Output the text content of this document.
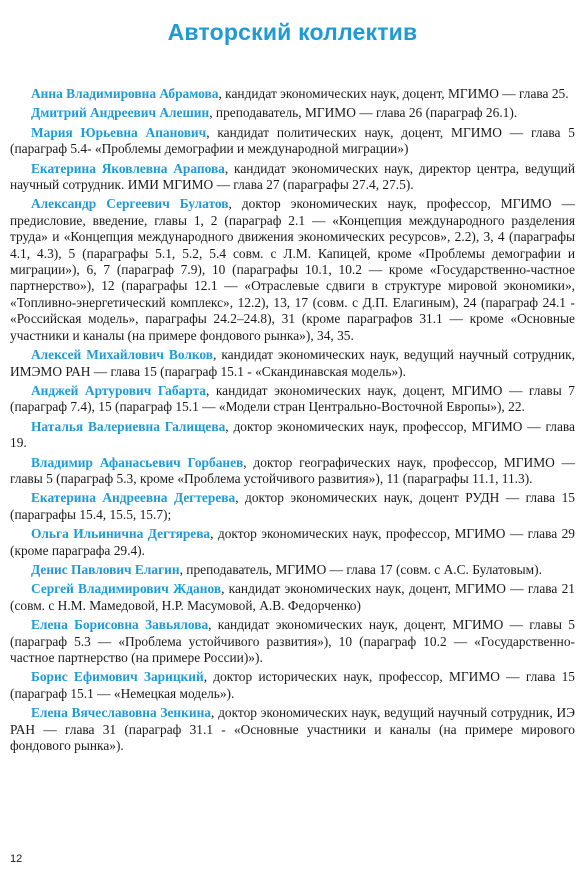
Авторский коллектив

Анна Владимировна Абрамова, кандидат экономических наук, доцент, МГИМО — глава 25.

Дмитрий Андреевич Алешин, преподаватель, МГИМО — глава 26 (параграф 26.1).

Мария Юрьевна Апанович, кандидат политических наук, доцент, МГИМО — глава 5 (параграф 5.4- «Проблемы демографии и международной миграции»)

Екатерина Яковлевна Арапова, кандидат экономических наук, директор центра, ведущий научный сотрудник. ИМИ МГИМО — глава 27 (параграфы 27.4, 27.5).

Александр Сергеевич Булатов, доктор экономических наук, профессор, МГИМО — предисловие, введение, главы 1, 2 (параграф 2.1 — «Концепция международного разделения труда» и «Концепция международного движения экономических ресурсов», 2.2), 3, 4 (параграфы 4.1, 4.3), 5 (параграфы 5.1, 5.2, 5.4 совм. с Л.М. Капицей, кроме «Проблемы демографии и миграции»), 6, 7 (параграф 7.9), 10 (параграфы 10.1, 10.2 — кроме «Государственно-частное партнерство»), 12 (параграфы 12.1 — «Отраслевые сдвиги в структуре мировой экономики», «Топливно-энергетический комплекс», 12.2), 13, 17 (совм. с Д.П. Елагиным), 24 (параграф 24.1 - «Российская модель», параграфы 24.2–24.8), 31 (кроме параграфов 31.1 — кроме «Основные участники и каналы (на примере фондового рынка»), 34, 35.

Алексей Михайлович Волков, кандидат экономических наук, ведущий научный сотрудник, ИМЭМО РАН — глава 15 (параграф 15.1 - «Скандинавская модель»).

Анджей Артурович Габарта, кандидат экономических наук, доцент, МГИМО — главы 7 (параграф 7.4), 15 (параграф 15.1 — «Модели стран Центрально-Восточной Европы»), 22.

Наталья Валериевна Галищева, доктор экономических наук, профессор, МГИМО — глава 19.

Владимир Афанасьевич Горбанев, доктор географических наук, профессор, МГИМО — главы 5 (параграф 5.3, кроме «Проблема устойчивого развития»), 11 (параграфы 11.1, 11.3).

Екатерина Андреевна Дегтерева, доктор экономических наук, доцент РУДН — глава 15 (параграфы 15.4, 15.5, 15.7);

Ольга Ильинична Дегтярева, доктор экономических наук, профессор, МГИМО — глава 29 (кроме параграфа 29.4).

Денис Павлович Елагин, преподаватель, МГИМО — глава 17 (совм. с А.С. Булатовым).

Сергей Владимирович Жданов, кандидат экономических наук, доцент, МГИМО — глава 21 (совм. с Н.М. Мамедовой, Н.Р. Масумовой, А.В. Федорченко)

Елена Борисовна Завьялова, кандидат экономических наук, доцент, МГИМО — главы 5 (параграф 5.3 — «Проблема устойчивого развития»), 10 (параграф 10.2 — «Государственно-частное партнерство (на примере России)»).

Борис Ефимович Зарицкий, доктор исторических наук, профессор, МГИМО — глава 15 (параграф 15.1 — «Немецкая модель»).

Елена Вячеславовна Зенкина, доктор экономических наук, ведущий научный сотрудник, ИЭ РАН — глава 31 (параграф 31.1 - «Основные участники и каналы (на примере мирового фондового рынка»).

12
